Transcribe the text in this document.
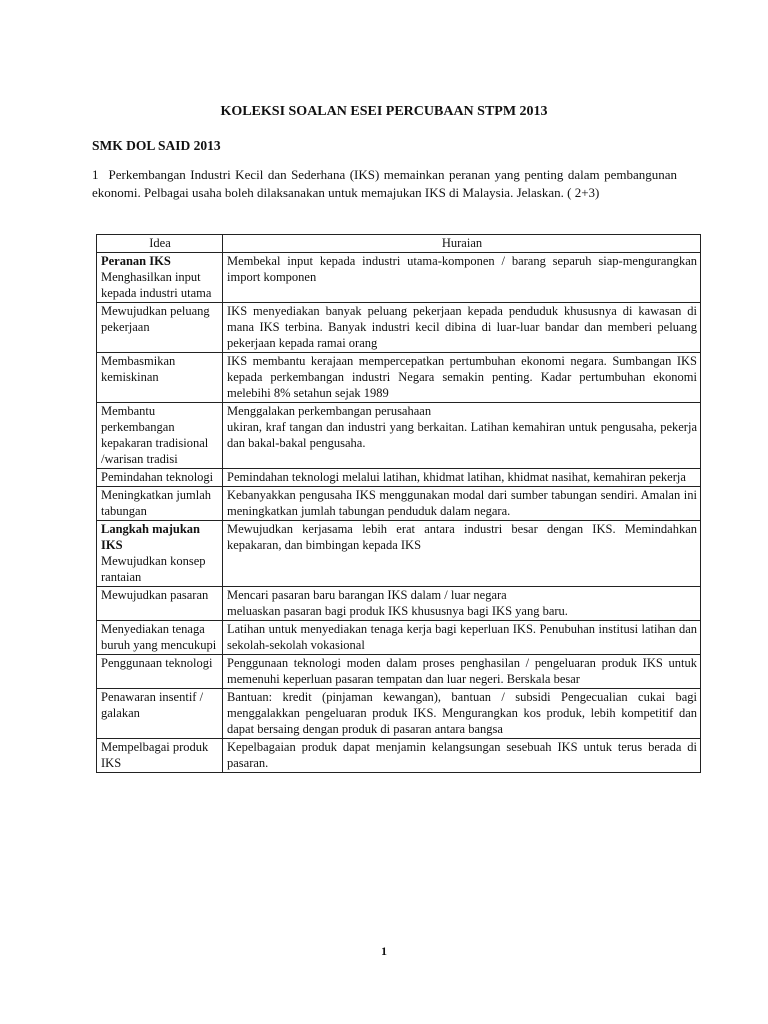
KOLEKSI SOALAN ESEI PERCUBAAN STPM 2013
SMK DOL SAID 2013
1 Perkembangan Industri Kecil dan Sederhana (IKS) memainkan peranan yang penting dalam pembangunan ekonomi. Pelbagai usaha boleh dilaksanakan untuk memajukan IKS di Malaysia. Jelaskan. ( 2+3)
Idea	Huraian

Peranan IKS
Menghasilkan input kepada industri utama	Membekal input kepada industri utama-komponen / barang separuh siap-mengurangkan import komponen
Mewujudkan peluang pekerjaan	IKS menyediakan banyak peluang pekerjaan kepada penduduk khususnya di kawasan di mana IKS terbina. Banyak industri kecil dibina di luar-luar bandar dan memberi peluang pekerjaan kepada ramai orang
Membasmikan kemiskinan	IKS membantu kerajaan mempercepatkan pertumbuhan ekonomi negara. Sumbangan IKS kepada perkembangan industri Negara semakin penting. Kadar pertumbuhan ekonomi melebihi 8% setahun sejak 1989
Membantu perkembangan kepakaran tradisional /warisan tradisi	Menggalakan perkembangan perusahaan
ukiran, kraf tangan dan industri yang berkaitan. Latihan kemahiran untuk pengusaha, pekerja dan bakal-bakal pengusaha.

Pemindahan teknologi	Pemindahan teknologi melalui latihan, khidmat latihan, khidmat nasihat, kemahiran pekerja
Meningkatkan jumlah tabungan	Kebanyakkan pengusaha IKS menggunakan modal dari sumber tabungan sendiri. Amalan ini meningkatkan jumlah tabungan penduduk dalam negara.

Langkah majukan IKS
Mewujudkan konsep rantaian	Mewujudkan kerjasama lebih erat antara industri besar dengan IKS. Memindahkan kepakaran, dan bimbingan kepada IKS
Mewujudkan pasaran	Mencari pasaran baru barangan IKS dalam / luar negara
meluaskan pasaran bagi produk IKS khususnya bagi IKS yang baru.

Menyediakan tenaga buruh yang mencukupi	Latihan untuk menyediakan tenaga kerja bagi keperluan IKS. Penubuhan institusi latihan dan sekolah-sekolah vokasional
Penggunaan teknologi	Penggunaan teknologi moden dalam proses penghasilan / pengeluaran produk IKS untuk memenuhi keperluan pasaran tempatan dan luar negeri. Berskala besar
Penawaran insentif / galakan	Bantuan: kredit (pinjaman kewangan), bantuan / subsidi Pengecualian cukai bagi menggalakkan pengeluaran produk IKS. Mengurangkan kos produk, lebih kompetitif dan dapat bersaing dengan produk di pasaran antara bangsa
Mempelbagai produk IKS	Kepelbagaian produk dapat menjamin kelangsungan sesebuah IKS untuk terus berada di pasaran.
1
